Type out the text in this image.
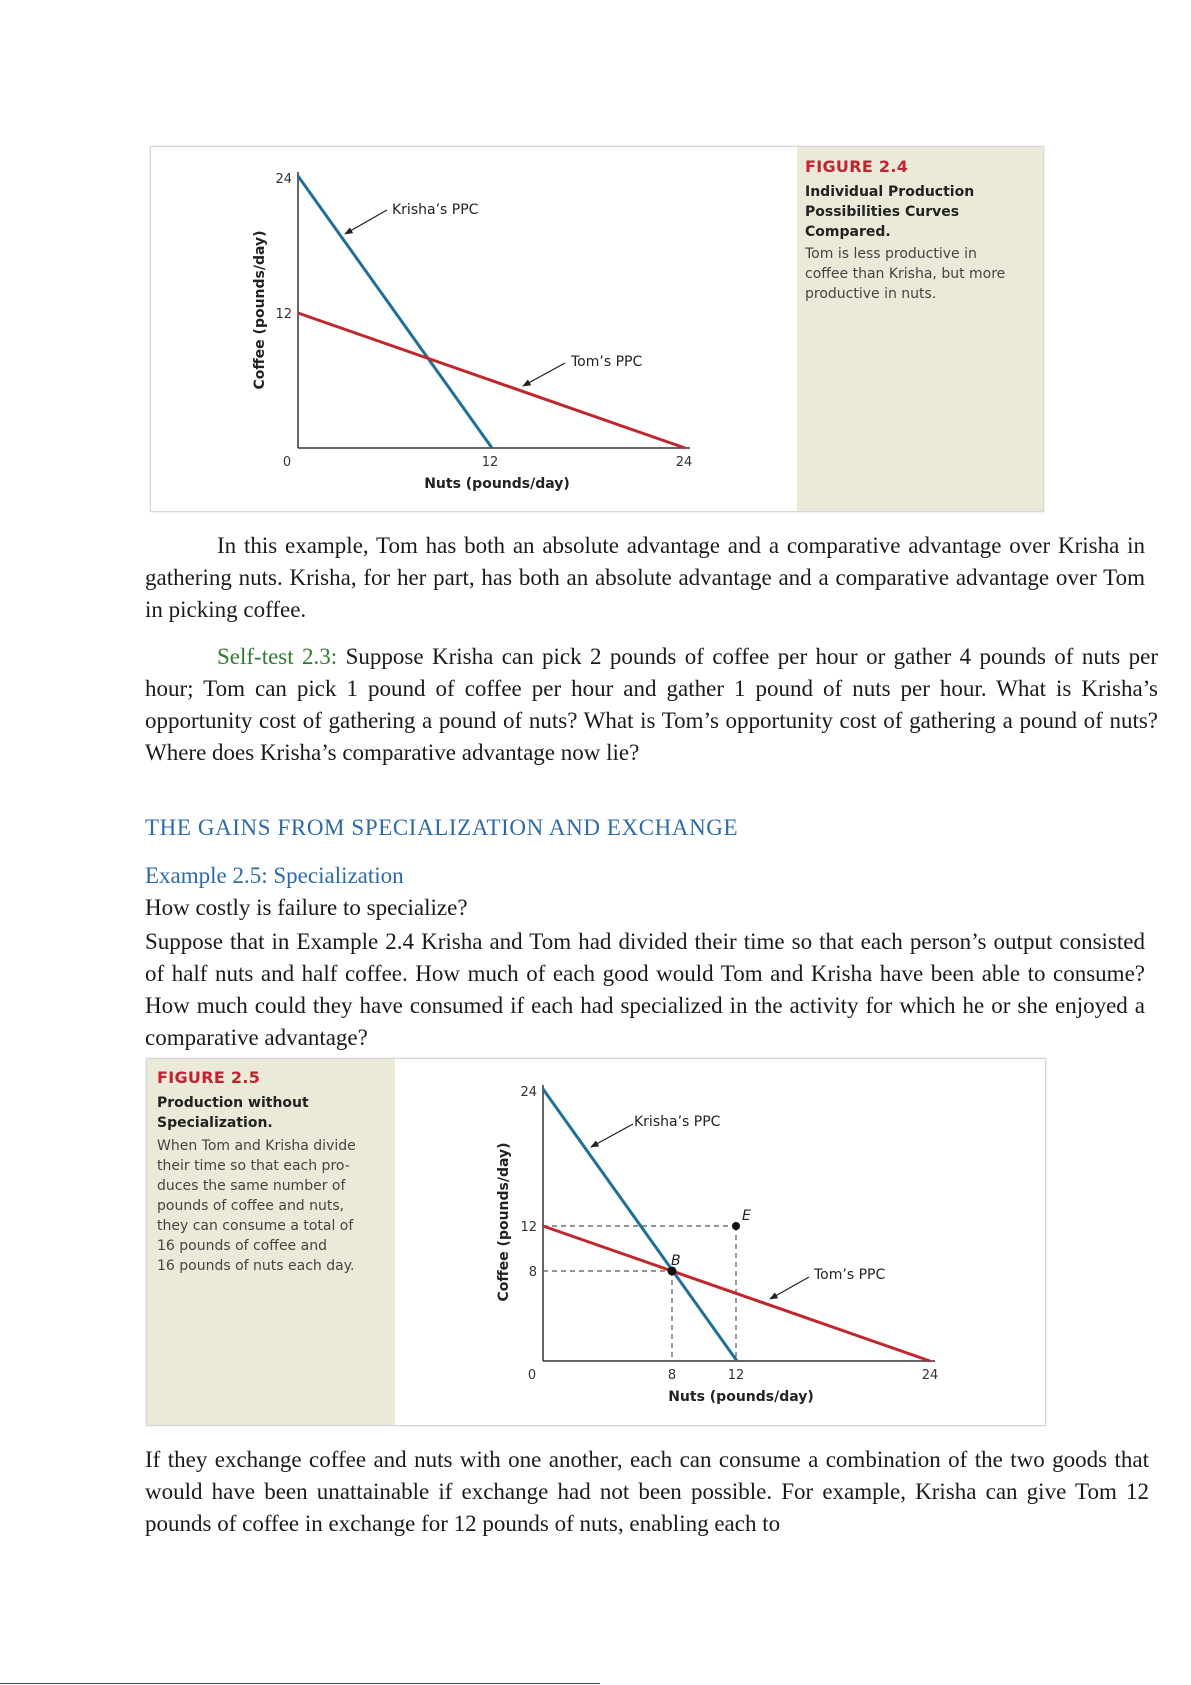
FIGURE 2.4
Individual Production
Possibilities Curves
Compared.
Tom is less productive in
coffee than Krisha, but more
productive in nuts.
24
12
0	12	24
Nuts (pounds/day)
Coffee (pounds/day)
Krisha’s PPC
Tom’s PPC

In this example, Tom has both an absolute advantage and a comparative advantage over Krisha in gathering nuts. Krisha, for her part, has both an absolute advantage and a comparative advantage over Tom in picking coffee.

Self-test 2.3: Suppose Krisha can pick 2 pounds of coffee per hour or gather 4 pounds of nuts per hour; Tom can pick 1 pound of coffee per hour and gather 1 pound of nuts per hour. What is Krisha’s opportunity cost of gathering a pound of nuts? What is Tom’s opportunity cost of gathering a pound of nuts? Where does Krisha’s comparative advantage now lie?

THE GAINS FROM SPECIALIZATION AND EXCHANGE

Example 2.5: Specialization

How costly is failure to specialize?

Suppose that in Example 2.4 Krisha and Tom had divided their time so that each person’s output consisted of half nuts and half coffee. How much of each good would Tom and Krisha have been able to consume? How much could they have consumed if each had specialized in the activity for which he or she enjoyed a comparative advantage?

FIGURE 2.5
Production without
Specialization.
When Tom and Krisha divide
their time so that each pro-
duces the same number of
pounds of coffee and nuts,
they can consume a total of
16 pounds of coffee and
16 pounds of nuts each day.	B
E
24
12
8
0	8	12	24
Nuts (pounds/day)
Coffee (pounds/day)
Krisha’s PPC
Tom’s PPC

If they exchange coffee and nuts with one another, each can consume a combination of the two goods that would have been unattainable if exchange had not been possible. For example, Krisha can give Tom 12 pounds of coffee in exchange for 12 pounds of nuts, enabling each to
